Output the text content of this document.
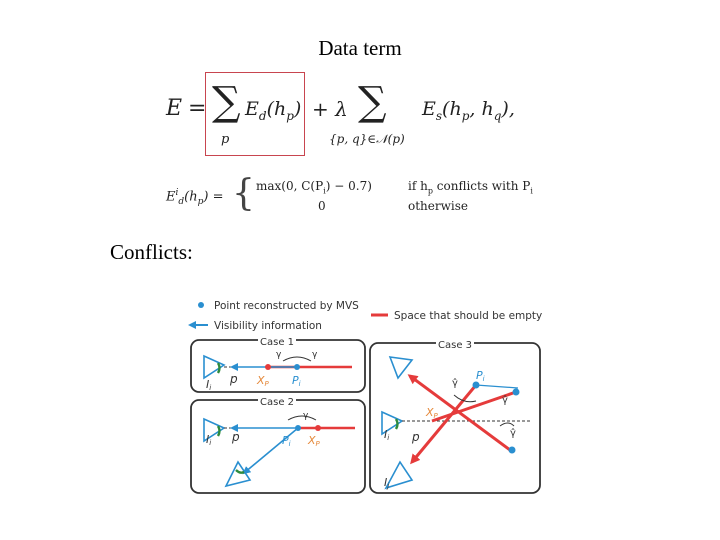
Data term
E = ∑
p
$E_d(h_p) + \lambda$ ∑
{p, q}∈𝒩(p)
$E_s(h_p$, $h_q$),
$E^i_d(h_p)$ = { max(0, $C(P_i) - 0.7$)
0
if $h_p$ conflicts with $P_i$
otherwise
Conflicts:
Point reconstructed by MVS
Visibility information
Space that should be empty
Case 1
Ii
p XP Pi
γ	γ
Case 2
Ii p	Pi XP
γ
Case 3
Ii
Ij
p
Pi
XP
γ̂
γ̂
γ̂
